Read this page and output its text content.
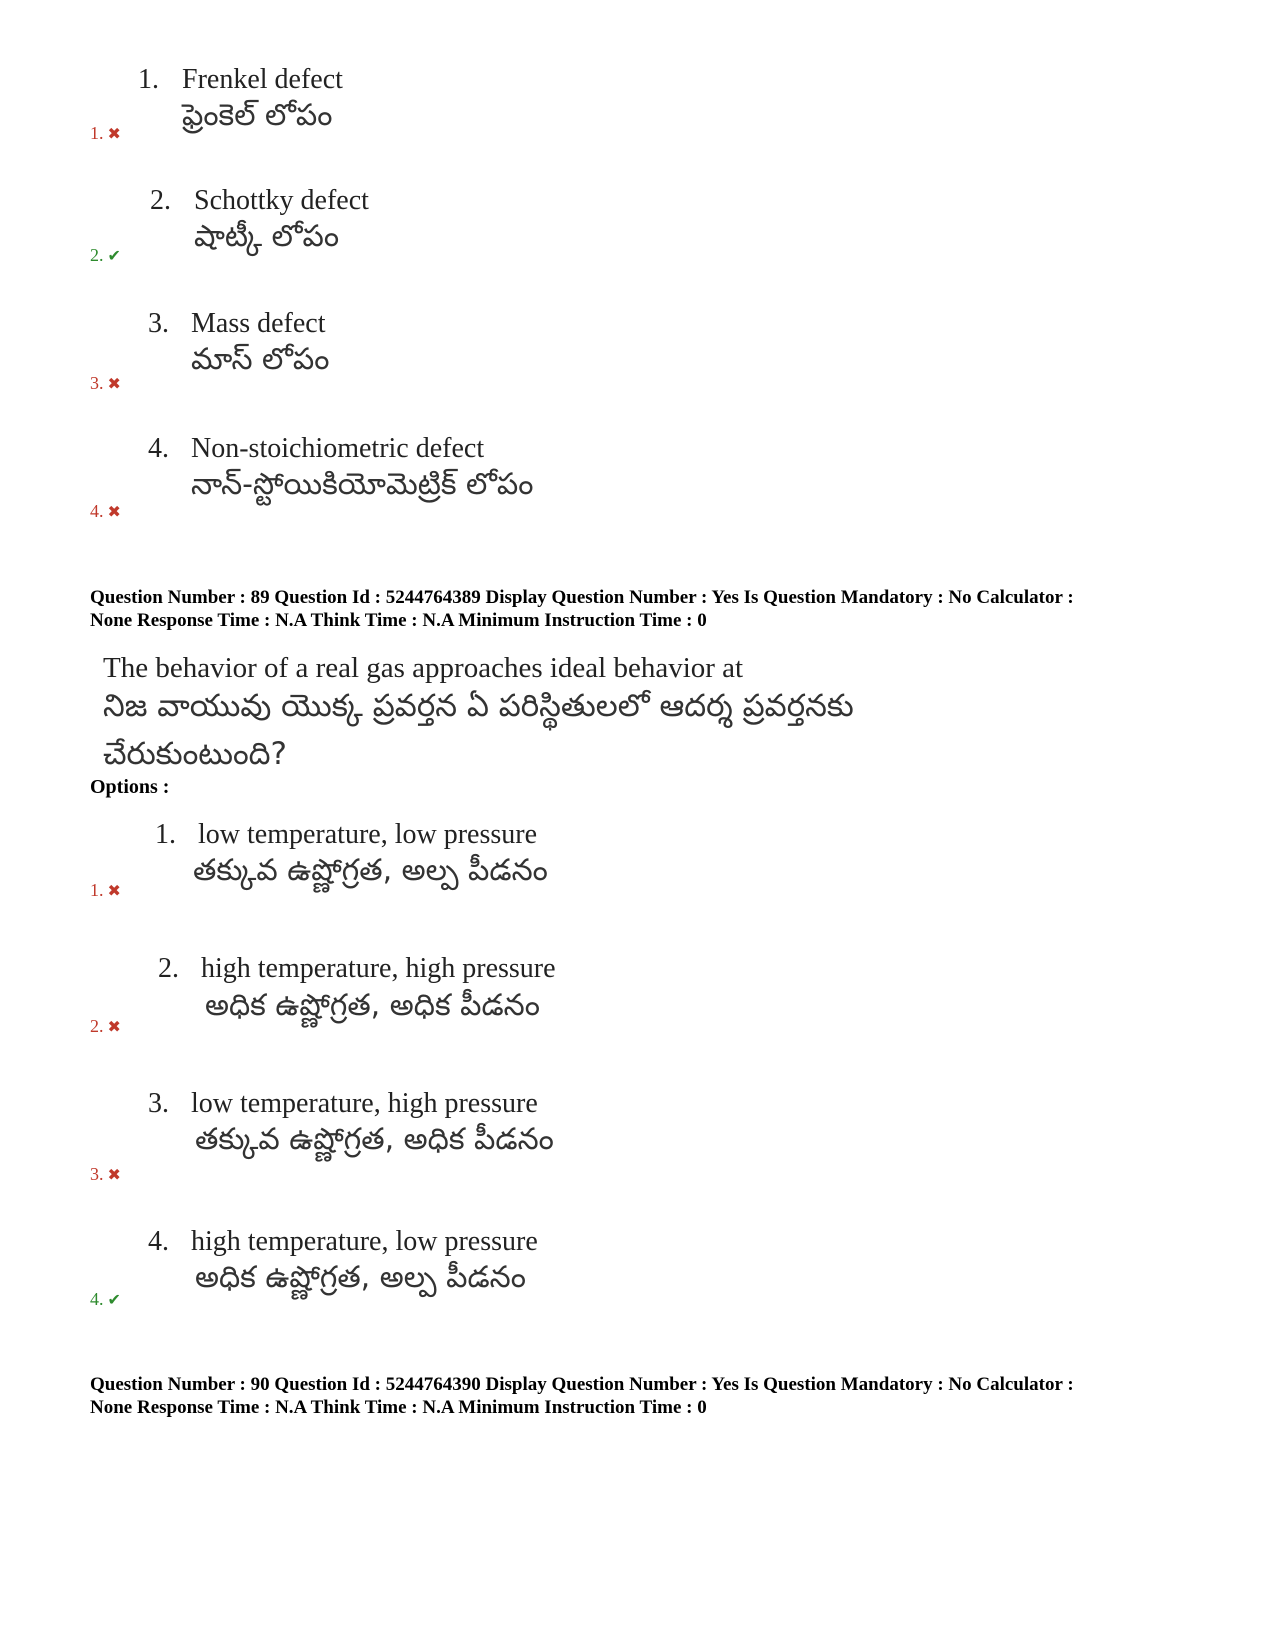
1. Frenkel defect
ఫ్రెంకెల్ లోపం
1. ✖
2. Schottky defect
షాట్కీ లోపం
2. ✔
3. Mass defect
మాస్ లోపం
3. ✖
4. Non-stoichiometric defect
నాన్-స్టోయికియోమెట్రిక్ లోపం
4. ✖
Question Number : 89 Question Id : 5244764389 Display Question Number : Yes Is Question Mandatory : No Calculator :
None Response Time : N.A Think Time : N.A Minimum Instruction Time : 0
The behavior of a real gas approaches ideal behavior at
నిజ వాయువు యొక్క ప్రవర్తన ఏ పరిస్థితులలో ఆదర్శ ప్రవర్తనకు
చేరుకుంటుంది?
Options :
1. low temperature, low pressure
తక్కువ ఉష్ణోగ్రత, అల్ప పీడనం
1. ✖
2. high temperature, high pressure
అధిక ఉష్ణోగ్రత, అధిక పీడనం
2. ✖
3. low temperature, high pressure
తక్కువ ఉష్ణోగ్రత, అధిక పీడనం
3. ✖
4. high temperature, low pressure
అధిక ఉష్ణోగ్రత, అల్ప పీడనం
4. ✔
Question Number : 90 Question Id : 5244764390 Display Question Number : Yes Is Question Mandatory : No Calculator :
None Response Time : N.A Think Time : N.A Minimum Instruction Time : 0
